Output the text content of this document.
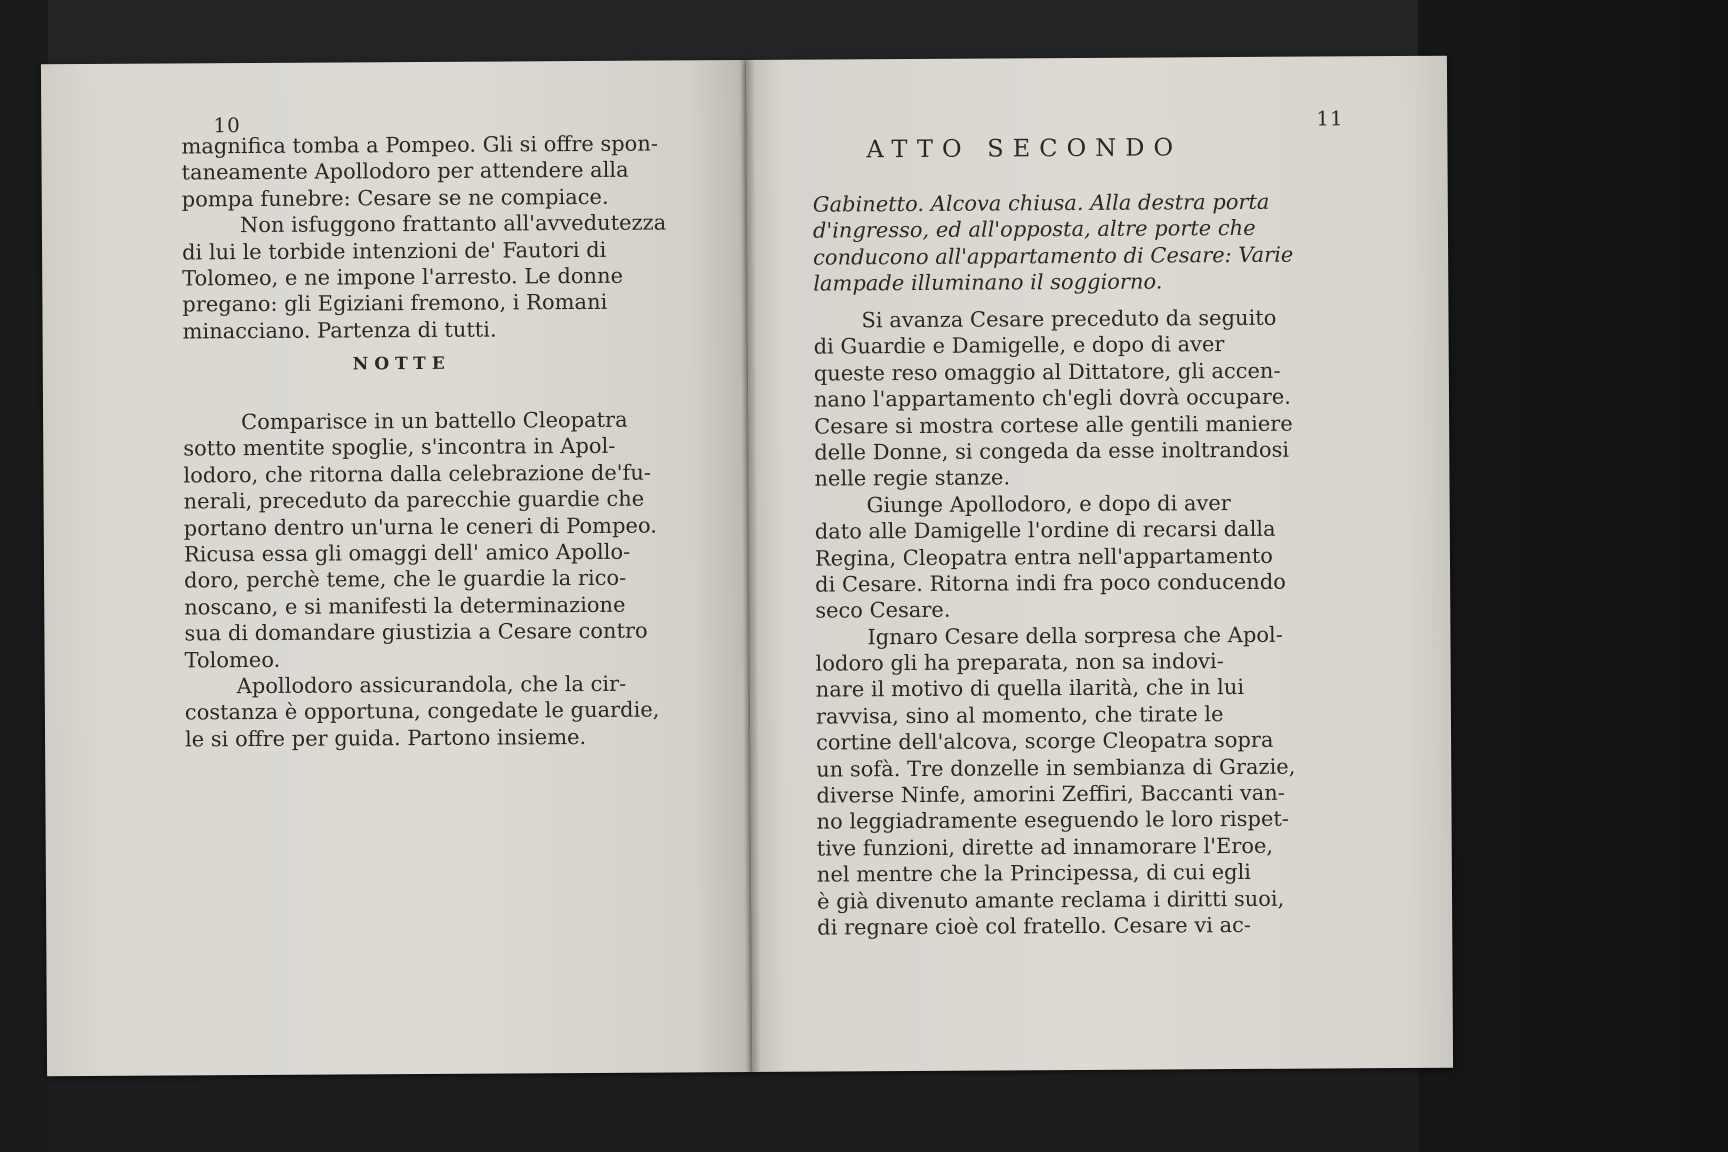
10
magnifica tomba a Pompeo. Gli si offre spon-
taneamente Apollodoro per attendere alla
pompa funebre: Cesare se ne compiace.
Non isfuggono frattanto all'avvedutezza
di lui le torbide intenzioni de' Fautori di
Tolomeo, e ne impone l'arresto. Le donne
pregano: gli Egiziani fremono, i Romani
minacciano. Partenza di tutti.
NOTTE
Comparisce in un battello Cleopatra
sotto mentite spoglie, s'incontra in Apol-
lodoro, che ritorna dalla celebrazione de'fu-
nerali, preceduto da parecchie guardie che
portano dentro un'urna le ceneri di Pompeo.
Ricusa essa gli omaggi dell' amico Apollo-
doro, perchè teme, che le guardie la rico-
noscano, e si manifesti la determinazione
sua di domandare giustizia a Cesare contro
Tolomeo.
Apollodoro assicurandola, che la cir-
costanza è opportuna, congedate le guardie,
le si offre per guida. Partono insieme.
11
ATTO SECONDO
Gabinetto. Alcova chiusa. Alla destra porta
d'ingresso, ed all'opposta, altre porte che
conducono all'appartamento di Cesare: Varie
lampade illuminano il soggiorno.
Si avanza Cesare preceduto da seguito
di Guardie e Damigelle, e dopo di aver
queste reso omaggio al Dittatore, gli accen-
nano l'appartamento ch'egli dovrà occupare.
Cesare si mostra cortese alle gentili maniere
delle Donne, si congeda da esse inoltrandosi
nelle regie stanze.
Giunge Apollodoro, e dopo di aver
dato alle Damigelle l'ordine di recarsi dalla
Regina, Cleopatra entra nell'appartamento
di Cesare. Ritorna indi fra poco conducendo
seco Cesare.
Ignaro Cesare della sorpresa che Apol-
lodoro gli ha preparata, non sa indovi-
nare il motivo di quella ilarità, che in lui
ravvisa, sino al momento, che tirate le
cortine dell'alcova, scorge Cleopatra sopra
un sofà. Tre donzelle in sembianza di Grazie,
diverse Ninfe, amorini Zeffiri, Baccanti van-
no leggiadramente eseguendo le loro rispet-
tive funzioni, dirette ad innamorare l'Eroe,
nel mentre che la Principessa, di cui egli
è già divenuto amante reclama i diritti suoi,
di regnare cioè col fratello. Cesare vi ac-
